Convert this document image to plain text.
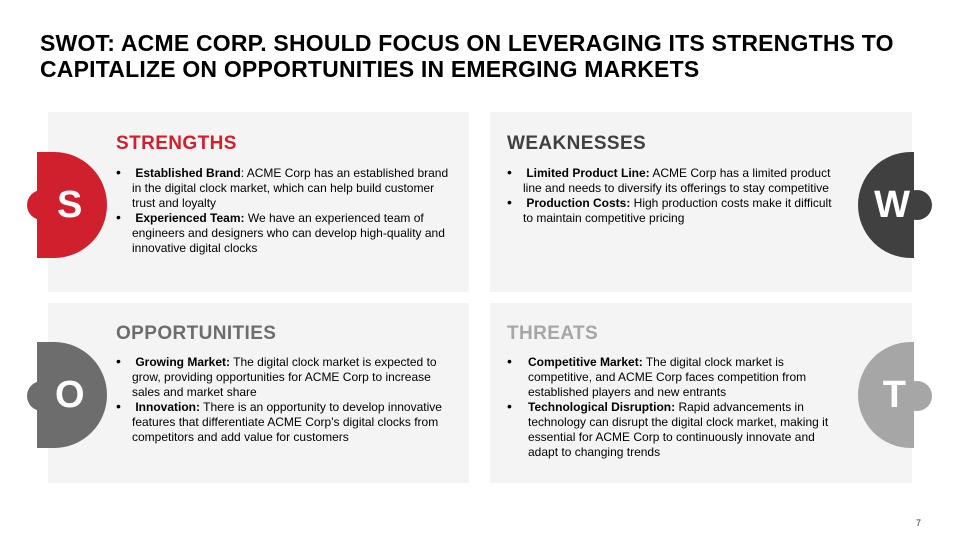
SWOT: ACME CORP. SHOULD FOCUS ON LEVERAGING ITS STRENGTHS TO CAPITALIZE ON OPPORTUNITIES IN EMERGING MARKETS
STRENGTHS
• Established Brand: ACME Corp has an established brand in the digital clock market, which can help build customer trust and loyalty
• Experienced Team: We have an experienced team of engineers and designers who can develop high-quality and innovative digital clocks
WEAKNESSES
• Limited Product Line: ACME Corp has a limited product line and needs to diversify its offerings to stay competitive
• Production Costs: High production costs make it difficult to maintain competitive pricing
OPPORTUNITIES
• Growing Market: The digital clock market is expected to grow, providing opportunities for ACME Corp to increase sales and market share
• Innovation: There is an opportunity to develop innovative features that differentiate ACME Corp's digital clocks from competitors and add value for customers
THREATS
• Competitive Market: The digital clock market is competitive, and ACME Corp faces competition from established players and new entrants
• Technological Disruption: Rapid advancements in technology can disrupt the digital clock market, making it essential for ACME Corp to continuously innovate and adapt to changing trends
S	W
O	T
7
